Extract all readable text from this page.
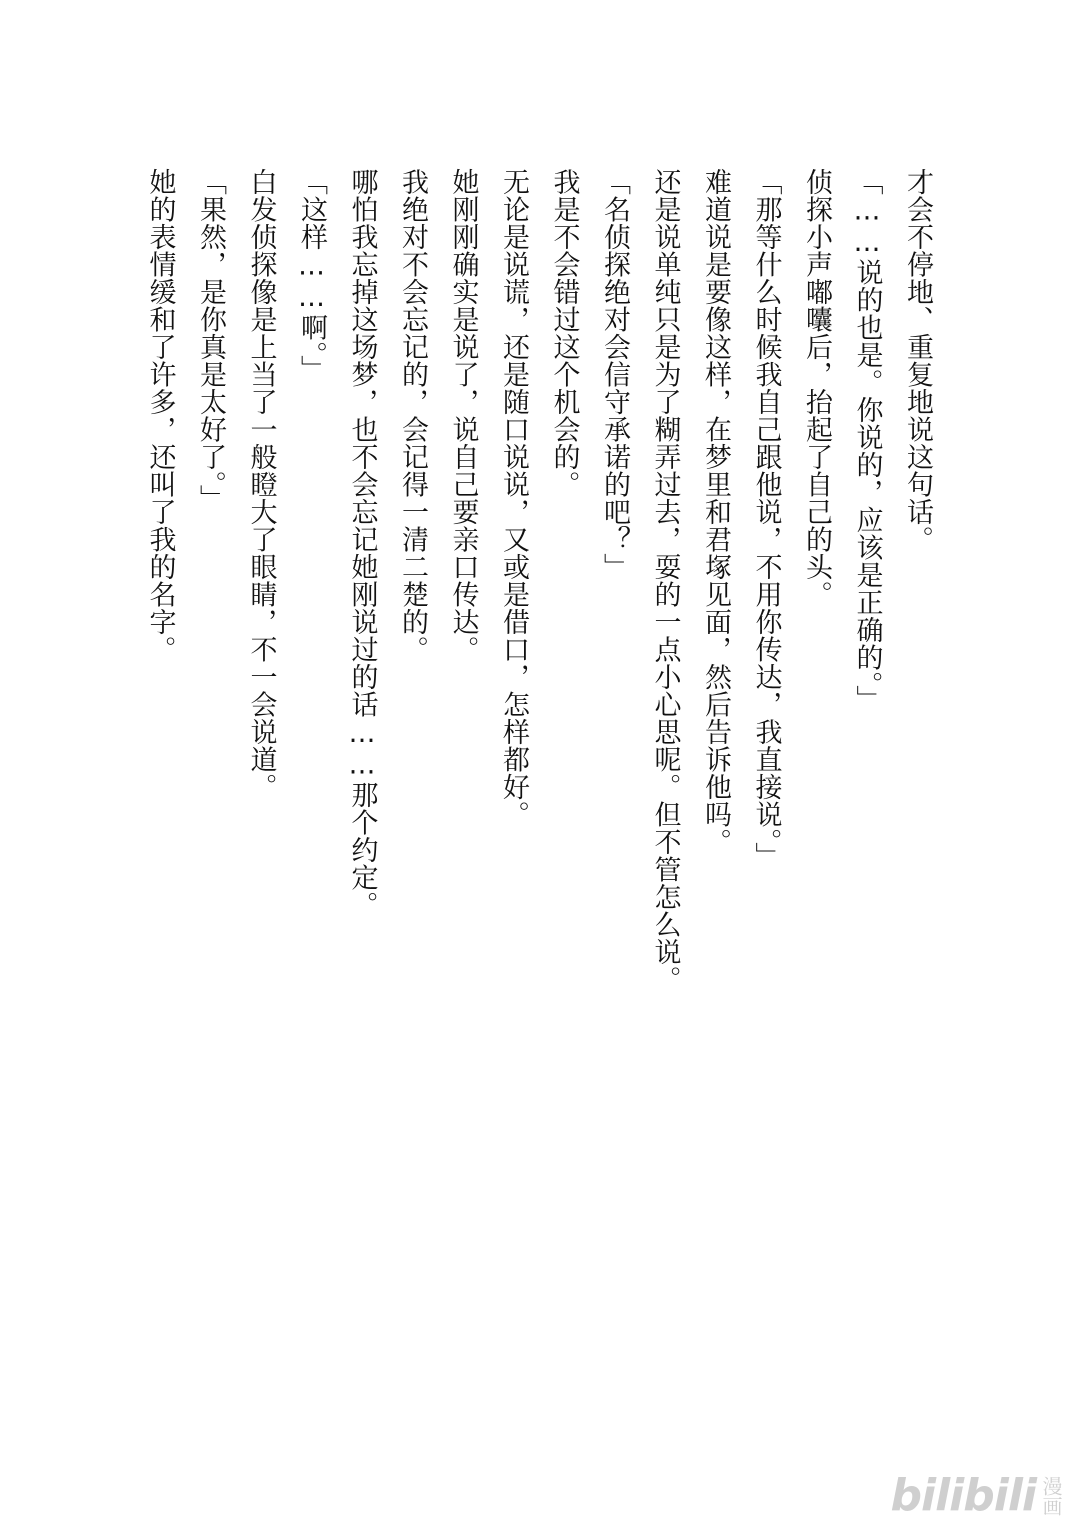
才会不停地、重复地说这句话。
「……说的也是。你说的，应该是正确的。」
侦探小声嘟囔后，抬起了自己的头。
「那等什么时候我自己跟他说，不用你传达，我直接说。」
难道说是要像这样，在梦里和君塚见面，然后告诉他吗。
还是说单纯只是为了糊弄过去，耍的一点小心思呢。但不管怎么说。
「名侦探绝对会信守承诺的吧？」
我是不会错过这个机会的。
无论是说谎，还是随口说说，又或是借口，怎样都好。
她刚刚确实是说了，说自己要亲口传达。
我绝对不会忘记的，会记得一清二楚的。
哪怕我忘掉这场梦，也不会忘记她刚说过的话……那个约定。
「这样……啊。」
白发侦探像是上当了一般瞪大了眼睛，不一会说道。
「果然，是你真是太好了。」
她的表情缓和了许多，还叫了我的名字。
bilibili 漫画
